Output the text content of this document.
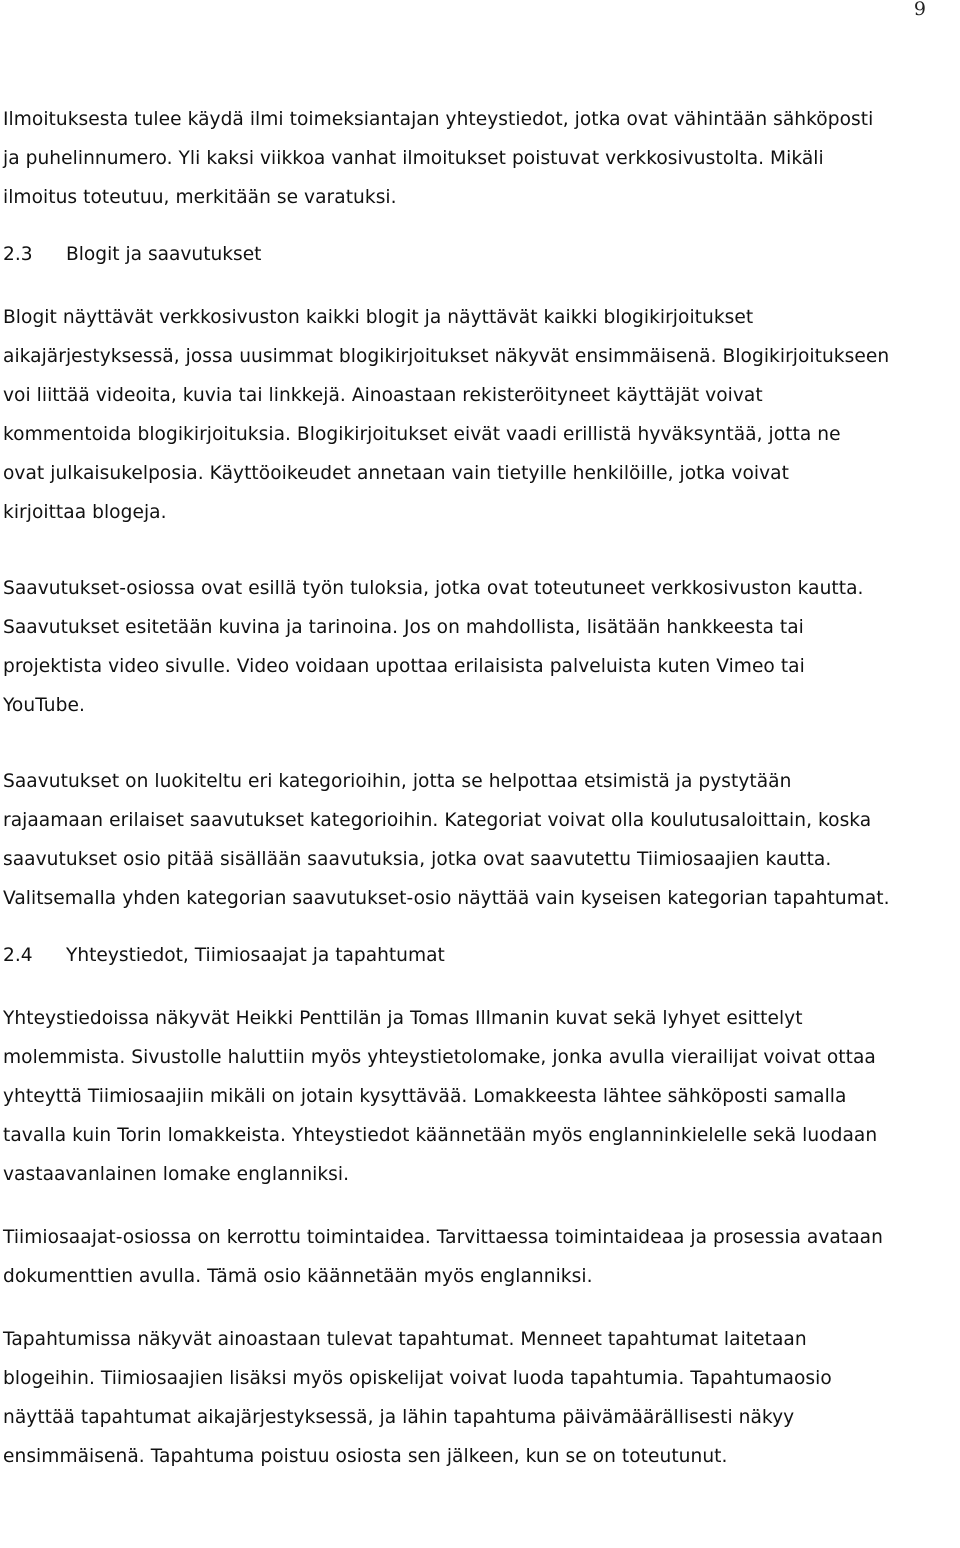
9
Ilmoituksesta tulee käydä ilmi toimeksiantajan yhteystiedot, jotka ovat vähintään sähköposti
ja puhelinnumero. Yli kaksi viikkoa vanhat ilmoitukset poistuvat verkkosivustolta. Mikäli
ilmoitus toteutuu, merkitään se varatuksi.
2.3	Blogit ja saavutukset
Blogit näyttävät verkkosivuston kaikki blogit ja näyttävät kaikki blogikirjoitukset
aikajärjestyksessä, jossa uusimmat blogikirjoitukset näkyvät ensimmäisenä. Blogikirjoitukseen
voi liittää videoita, kuvia tai linkkejä. Ainoastaan rekisteröityneet käyttäjät voivat
kommentoida blogikirjoituksia. Blogikirjoitukset eivät vaadi erillistä hyväksyntää, jotta ne
ovat julkaisukelposia. Käyttöoikeudet annetaan vain tietyille henkilöille, jotka voivat
kirjoittaa blogeja.
Saavutukset-osiossa ovat esillä työn tuloksia, jotka ovat toteutuneet verkkosivuston kautta.
Saavutukset esitetään kuvina ja tarinoina. Jos on mahdollista, lisätään hankkeesta tai
projektista video sivulle. Video voidaan upottaa erilaisista palveluista kuten Vimeo tai
YouTube.
Saavutukset on luokiteltu eri kategorioihin, jotta se helpottaa etsimistä ja pystytään
rajaamaan erilaiset saavutukset kategorioihin. Kategoriat voivat olla koulutusaloittain, koska
saavutukset osio pitää sisällään saavutuksia, jotka ovat saavutettu Tiimiosaajien kautta.
Valitsemalla yhden kategorian saavutukset-osio näyttää vain kyseisen kategorian tapahtumat.
2.4	Yhteystiedot, Tiimiosaajat ja tapahtumat
Yhteystiedoissa näkyvät Heikki Penttilän ja Tomas Illmanin kuvat sekä lyhyet esittelyt
molemmista. Sivustolle haluttiin myös yhteystietolomake, jonka avulla vierailijat voivat ottaa
yhteyttä Tiimiosaajiin mikäli on jotain kysyttävää. Lomakkeesta lähtee sähköposti samalla
tavalla kuin Torin lomakkeista. Yhteystiedot käännetään myös englanninkielelle sekä luodaan
vastaavanlainen lomake englanniksi.
Tiimiosaajat-osiossa on kerrottu toimintaidea. Tarvittaessa toimintaideaa ja prosessia avataan
dokumenttien avulla. Tämä osio käännetään myös englanniksi.
Tapahtumissa näkyvät ainoastaan tulevat tapahtumat. Menneet tapahtumat laitetaan
blogeihin. Tiimiosaajien lisäksi myös opiskelijat voivat luoda tapahtumia. Tapahtumaosio
näyttää tapahtumat aikajärjestyksessä, ja lähin tapahtuma päivämäärällisesti näkyy
ensimmäisenä. Tapahtuma poistuu osiosta sen jälkeen, kun se on toteutunut.
